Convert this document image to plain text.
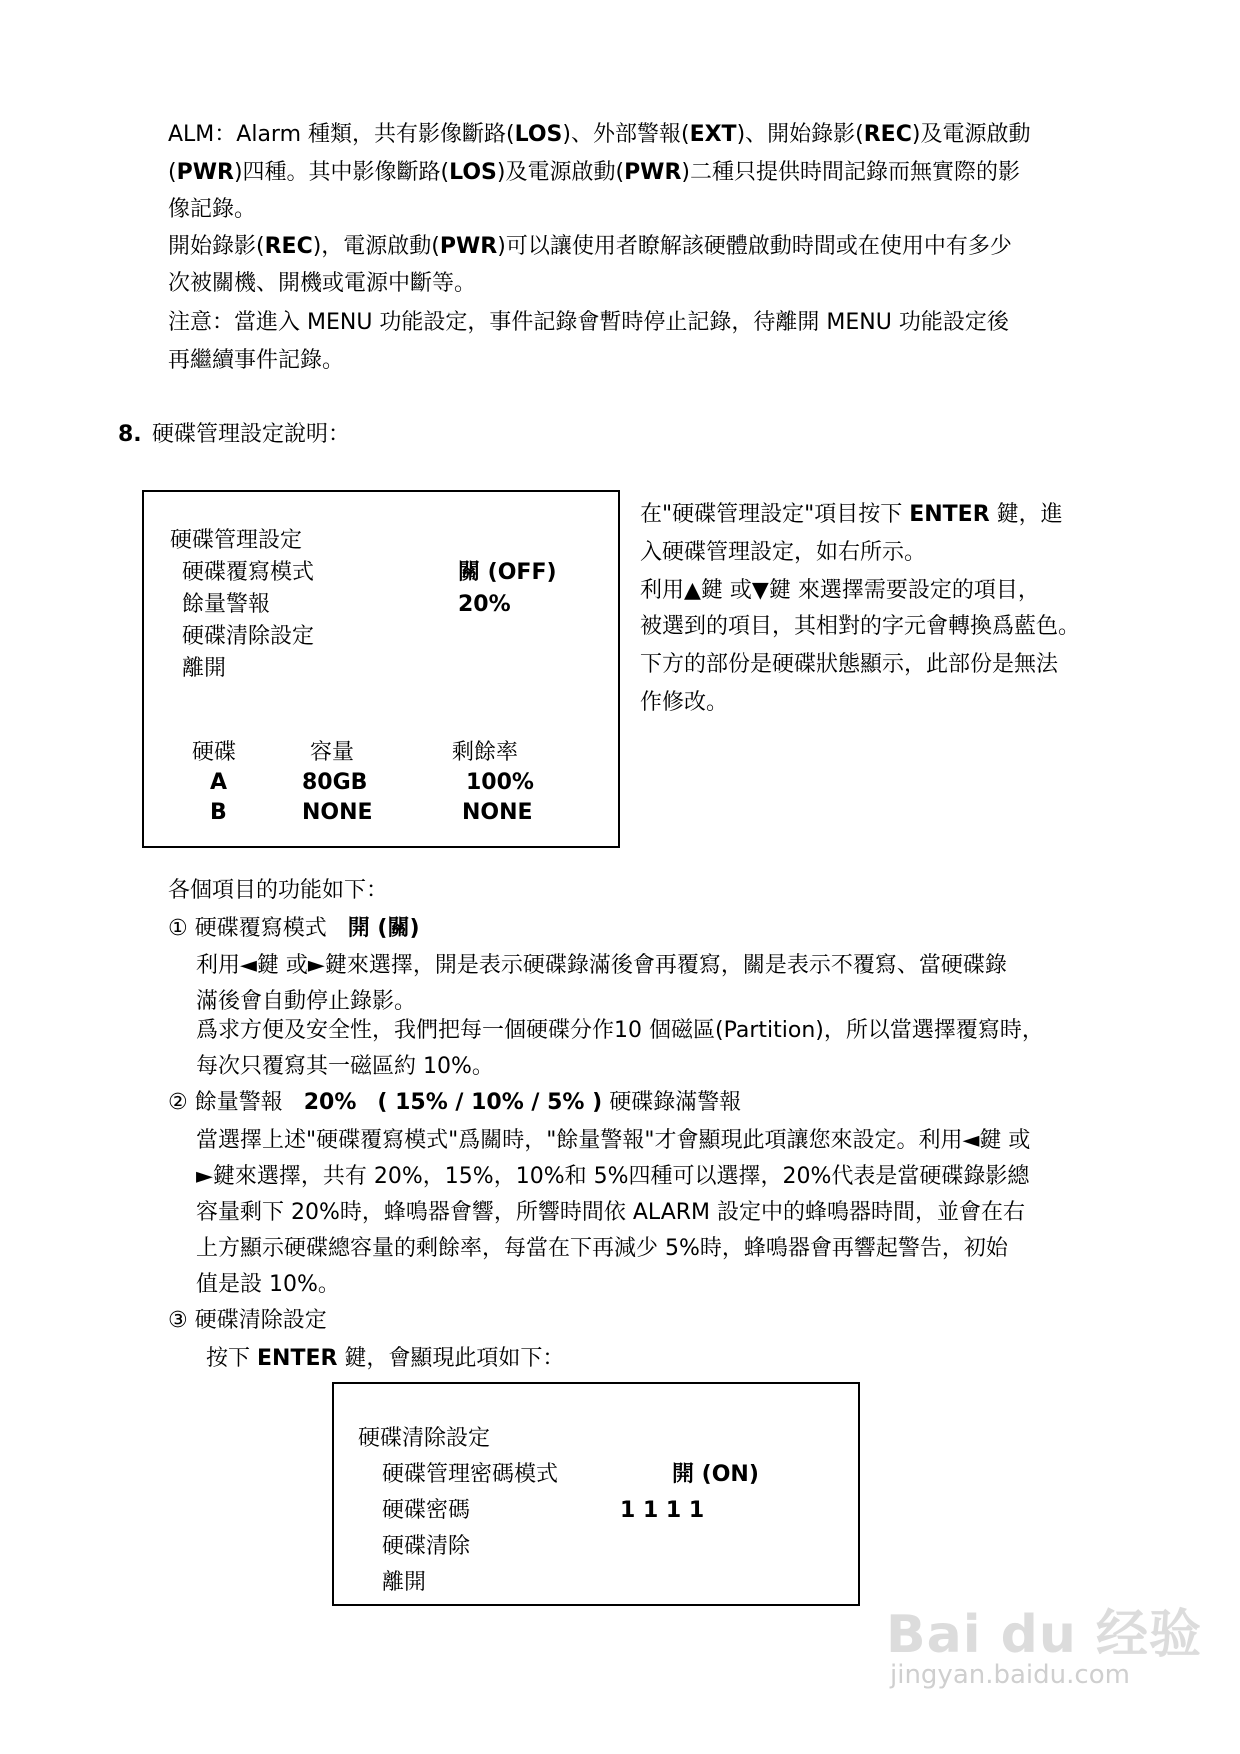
ALM：Alarm 種類，共有影像斷路(LOS)、外部警報(EXT)、開始錄影(REC)及電源啟動
(PWR)四種。其中影像斷路(LOS)及電源啟動(PWR)二種只提供時間記錄而無實際的影
像記錄。
開始錄影(REC)，電源啟動(PWR)可以讓使用者瞭解該硬體啟動時間或在使用中有多少
次被關機、開機或電源中斷等。
注意：當進入 MENU 功能設定，事件記錄會暫時停止記錄，待離開 MENU 功能設定後
再繼續事件記錄。
8. 硬碟管理設定說明：
硬碟管理設定
硬碟覆寫模式	關 (OFF)
餘量警報	20%
硬碟清除設定
離開
硬碟	容量	剩餘率
A	80GB	100%
B	NONE	NONE
在"硬碟管理設定"項目按下 ENTER 鍵，進
入硬碟管理設定，如右所示。
利用▲鍵 或▼鍵 來選擇需要設定的項目，
被選到的項目，其相對的字元會轉換爲藍色。
下方的部份是硬碟狀態顯示，此部份是無法
作修改。
各個項目的功能如下：
① 硬碟覆寫模式 開 (關)
利用◄鍵 或►鍵來選擇，開是表示硬碟錄滿後會再覆寫，關是表示不覆寫、當硬碟錄
滿後會自動停止錄影。
爲求方便及安全性，我們把每一個硬碟分作10 個磁區(Partition)，所以當選擇覆寫時，
每次只覆寫其一磁區約 10%。
② 餘量警報 20% ( 15% / 10% / 5% ) 硬碟錄滿警報
當選擇上述"硬碟覆寫模式"爲關時，"餘量警報"才會顯現此項讓您來設定。利用◄鍵 或
►鍵來選擇，共有 20%，15%，10%和 5%四種可以選擇，20%代表是當硬碟錄影總
容量剩下 20%時，蜂鳴器會響，所響時間依 ALARM 設定中的蜂鳴器時間，並會在右
上方顯示硬碟總容量的剩餘率，每當在下再減少 5%時，蜂鳴器會再響起警告，初始
值是設 10%。
③ 硬碟清除設定
按下 ENTER 鍵，會顯現此項如下：
硬碟清除設定
硬碟管理密碼模式	開 (ON)
硬碟密碼	1 1 1 1
硬碟清除
離開
Bai du 经验
jingyan.baidu.com
